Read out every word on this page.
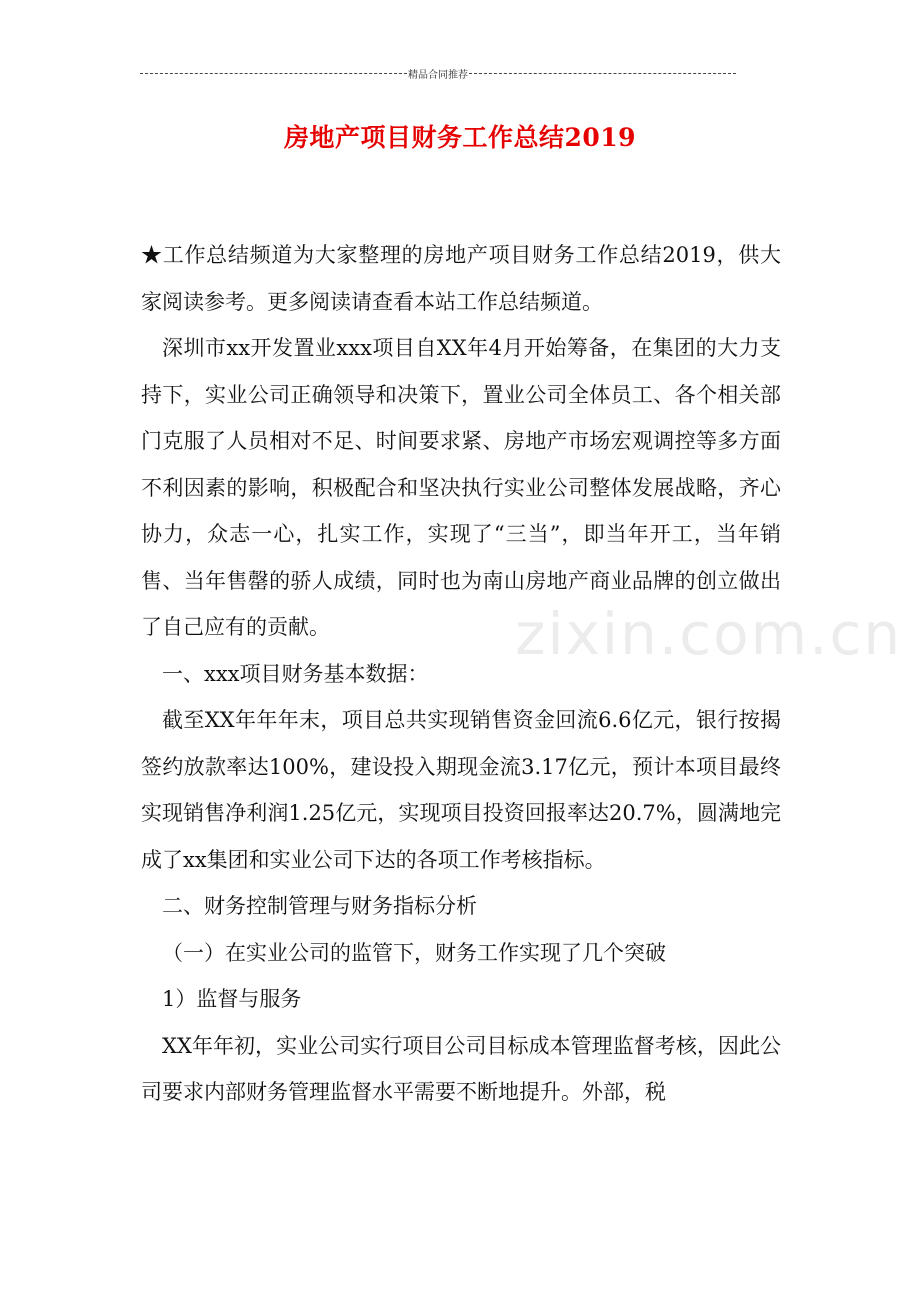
精品合同推荐
房地产项目财务工作总结2019

★工作总结频道为大家整理的房地产项目财务工作总结2019，供大家阅读参考。更多阅读请查看本站工作总结频道。

深圳市xx开发置业xxx项目自XX年4月开始筹备，在集团的大力支持下，实业公司正确领导和决策下，置业公司全体员工、各个相关部门克服了人员相对不足、时间要求紧、房地产市场宏观调控等多方面不利因素的影响，积极配合和坚决执行实业公司整体发展战略，齐心协力，众志一心，扎实工作，实现了“三当”，即当年开工，当年销售、当年售罄的骄人成绩，同时也为南山房地产商业品牌的创立做出了自己应有的贡献。

一、xxx项目财务基本数据：

截至XX年年年末，项目总共实现销售资金回流6.6亿元，银行按揭签约放款率达100%，建设投入期现金流3.17亿元，预计本项目最终实现销售净利润1.25亿元，实现项目投资回报率达20.7%，圆满地完成了xx集团和实业公司下达的各项工作考核指标。

二、财务控制管理与财务指标分析

（一）在实业公司的监管下，财务工作实现了几个突破

1）监督与服务

XX年年初，实业公司实行项目公司目标成本管理监督考核，因此公司要求内部财务管理监督水平需要不断地提升。外部，税

zixin.com.cn
